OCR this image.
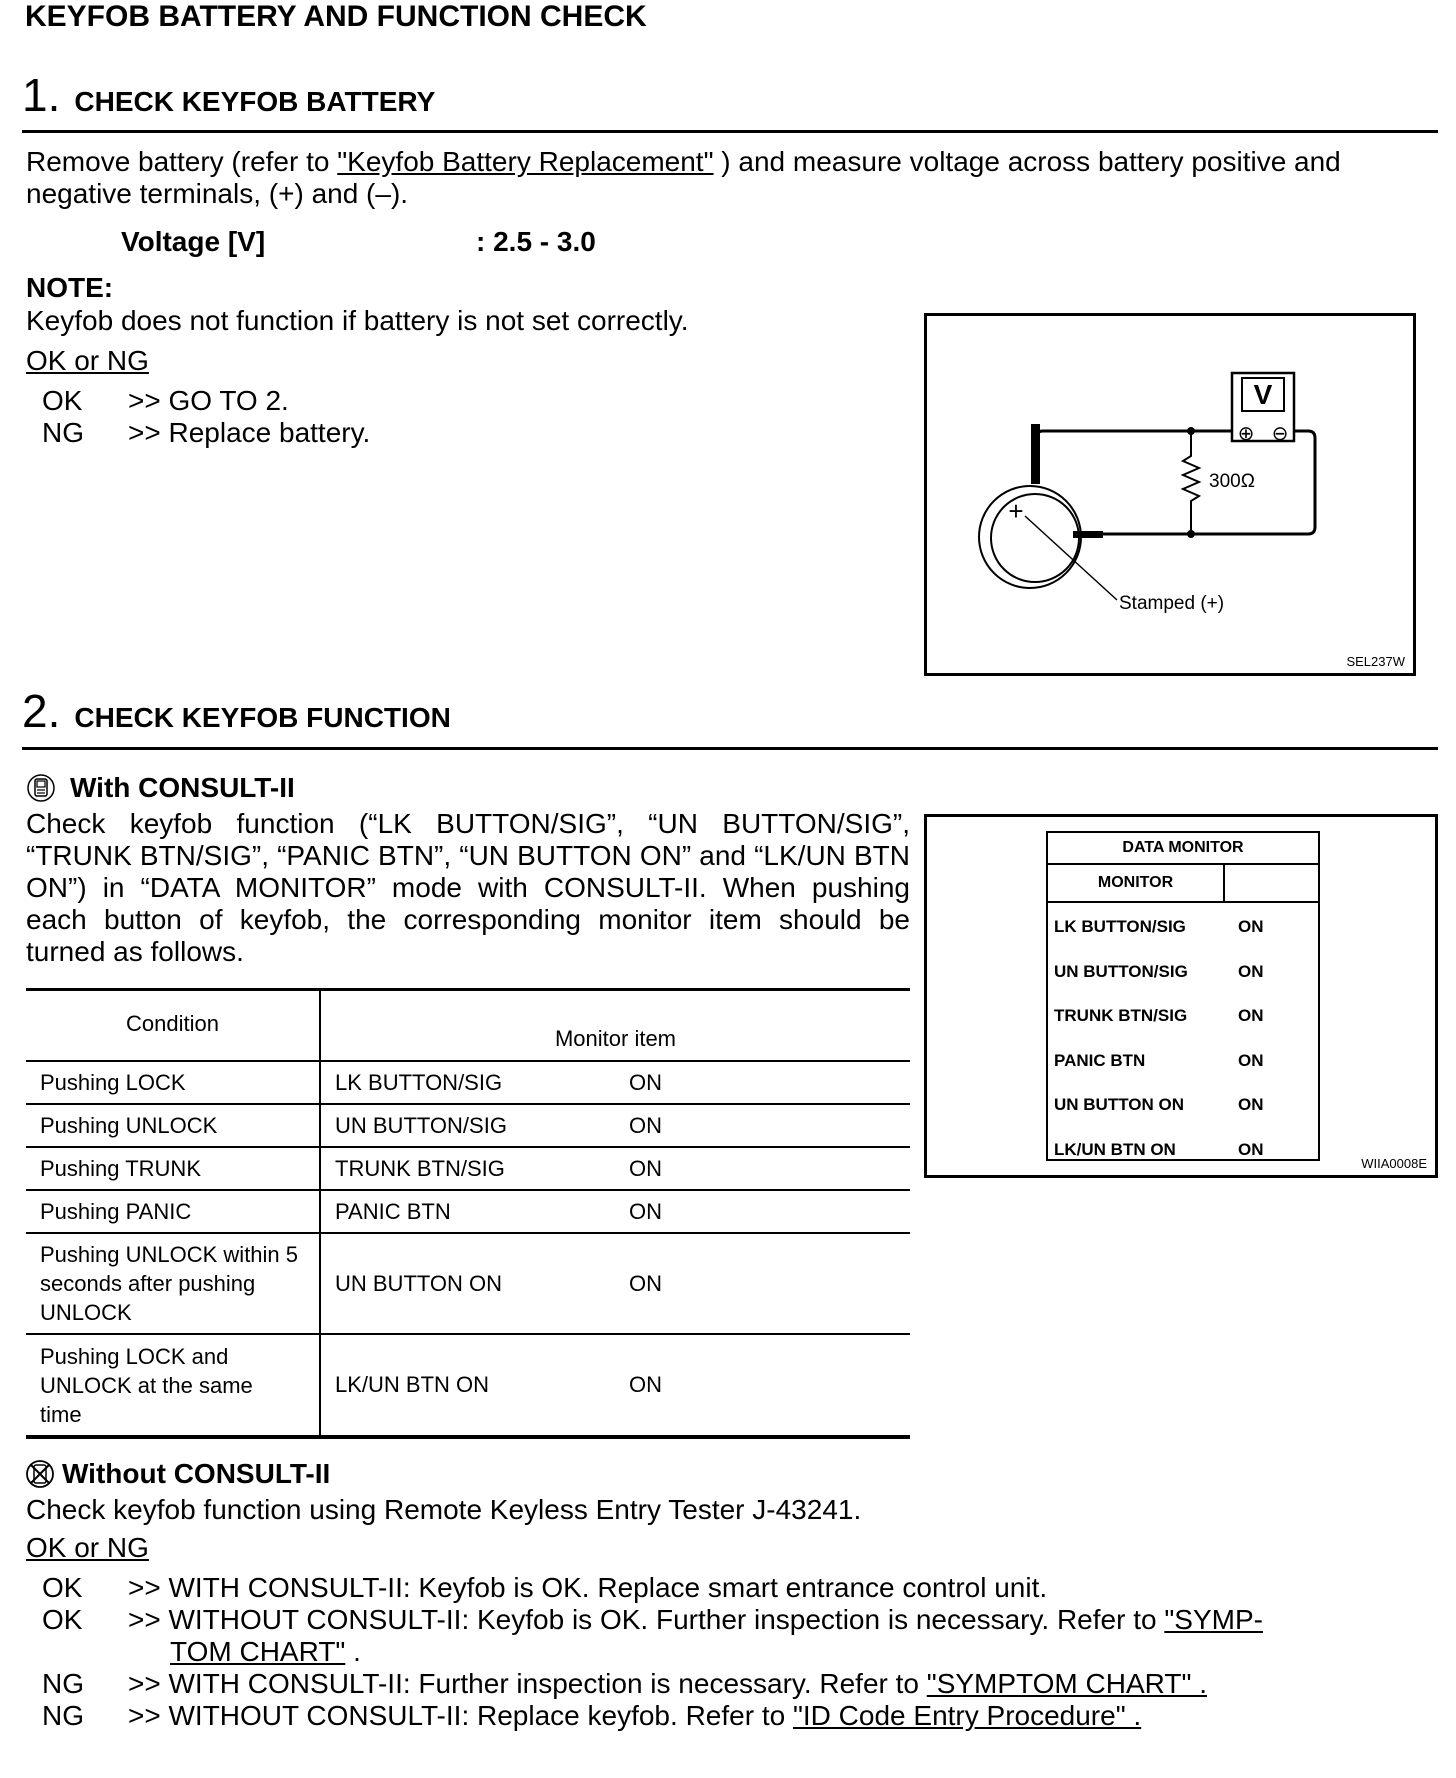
KEYFOB BATTERY AND FUNCTION CHECK
1. CHECK KEYFOB BATTERY
Remove battery (refer to "Keyfob Battery Replacement" ) and measure voltage across battery positive and negative terminals, (+) and (–).
Voltage [V]	: 2.5 - 3.0
NOTE:
Keyfob does not function if battery is not set correctly.
OK or NG
OK	>> GO TO 2.
NG	>> Replace battery.
V
⊕ ⊖
300Ω
+
Stamped (+)
SEL237W
2. CHECK KEYFOB FUNCTION
With CONSULT-II
Check keyfob function (“LK BUTTON/SIG”, “UN BUTTON/SIG”, “TRUNK BTN/SIG”, “PANIC BTN”, “UN BUTTON ON” and “LK/UN BTN ON”) in “DATA MONITOR” mode with CONSULT-II. When pushing each button of keyfob, the corresponding monitor item should be turned as follows.
Condition	Monitor item	
Pushing LOCK	LK BUTTON/SIG	ON
Pushing UNLOCK	UN BUTTON/SIG	ON
Pushing TRUNK	TRUNK BTN/SIG	ON
Pushing PANIC	PANIC BTN	ON
Pushing UNLOCK within 5 seconds after pushing UNLOCK	UN BUTTON ON	ON
Pushing LOCK and UNLOCK at the same time	LK/UN BTN ON	ON
DATA MONITOR
MONITOR
LK BUTTON/SIG	ON
UN BUTTON/SIG	ON
TRUNK BTN/SIG	ON
PANIC BTN	ON
UN BUTTON ON	ON
LK/UN BTN ON	ON
WIIA0008E
Without CONSULT-II
Check keyfob function using Remote Keyless Entry Tester J-43241.
OK or NG
OK	>> WITH CONSULT-II: Keyfob is OK. Replace smart entrance control unit.
OK	>> WITHOUT CONSULT-II: Keyfob is OK. Further inspection is necessary. Refer to "SYMP-
TOM CHART" .
NG	>> WITH CONSULT-II: Further inspection is necessary. Refer to "SYMPTOM CHART" .
NG	>> WITHOUT CONSULT-II: Replace keyfob. Refer to "ID Code Entry Procedure" .
